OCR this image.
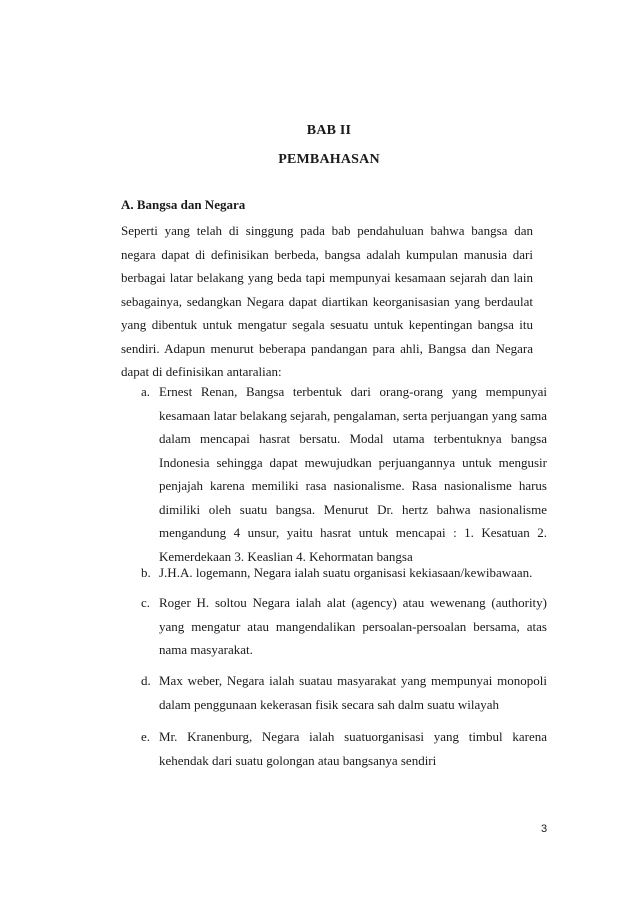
BAB II
PEMBAHASAN
A. Bangsa dan Negara

Seperti yang telah di singgung pada bab pendahuluan bahwa bangsa dan negara dapat di definisikan berbeda, bangsa adalah kumpulan manusia dari berbagai latar belakang yang beda tapi mempunyai kesamaan sejarah dan lain sebagainya, sedangkan Negara dapat diartikan keorganisasian yang berdaulat yang dibentuk untuk mengatur segala sesuatu untuk kepentingan bangsa itu sendiri. Adapun menurut beberapa pandangan para ahli, Bangsa dan Negara dapat di definisikan antaralian:

a. Ernest Renan, Bangsa terbentuk dari orang-orang yang mempunyai kesamaan latar belakang sejarah, pengalaman, serta perjuangan yang sama dalam mencapai hasrat bersatu. Modal utama terbentuknya bangsa Indonesia sehingga dapat mewujudkan perjuangannya untuk mengusir penjajah karena memiliki rasa nasionalisme. Rasa nasionalisme harus dimiliki oleh suatu bangsa. Menurut Dr. hertz bahwa nasionalisme mengandung 4 unsur, yaitu hasrat untuk mencapai : 1. Kesatuan 2. Kemerdekaan 3. Keaslian 4. Kehormatan bangsa
b. J.H.A. logemann, Negara ialah suatu organisasi kekiasaan/kewibawaan.
c. Roger H. soltou Negara ialah alat (agency) atau wewenang (authority) yang mengatur atau mangendalikan persoalan-persoalan bersama, atas nama masyarakat.
d. Max weber, Negara ialah suatau masyarakat yang mempunyai monopoli dalam penggunaan kekerasan fisik secara sah dalm suatu wilayah
e. Mr. Kranenburg, Negara ialah suatuorganisasi yang timbul karena kehendak dari suatu golongan atau bangsanya sendiri
3
